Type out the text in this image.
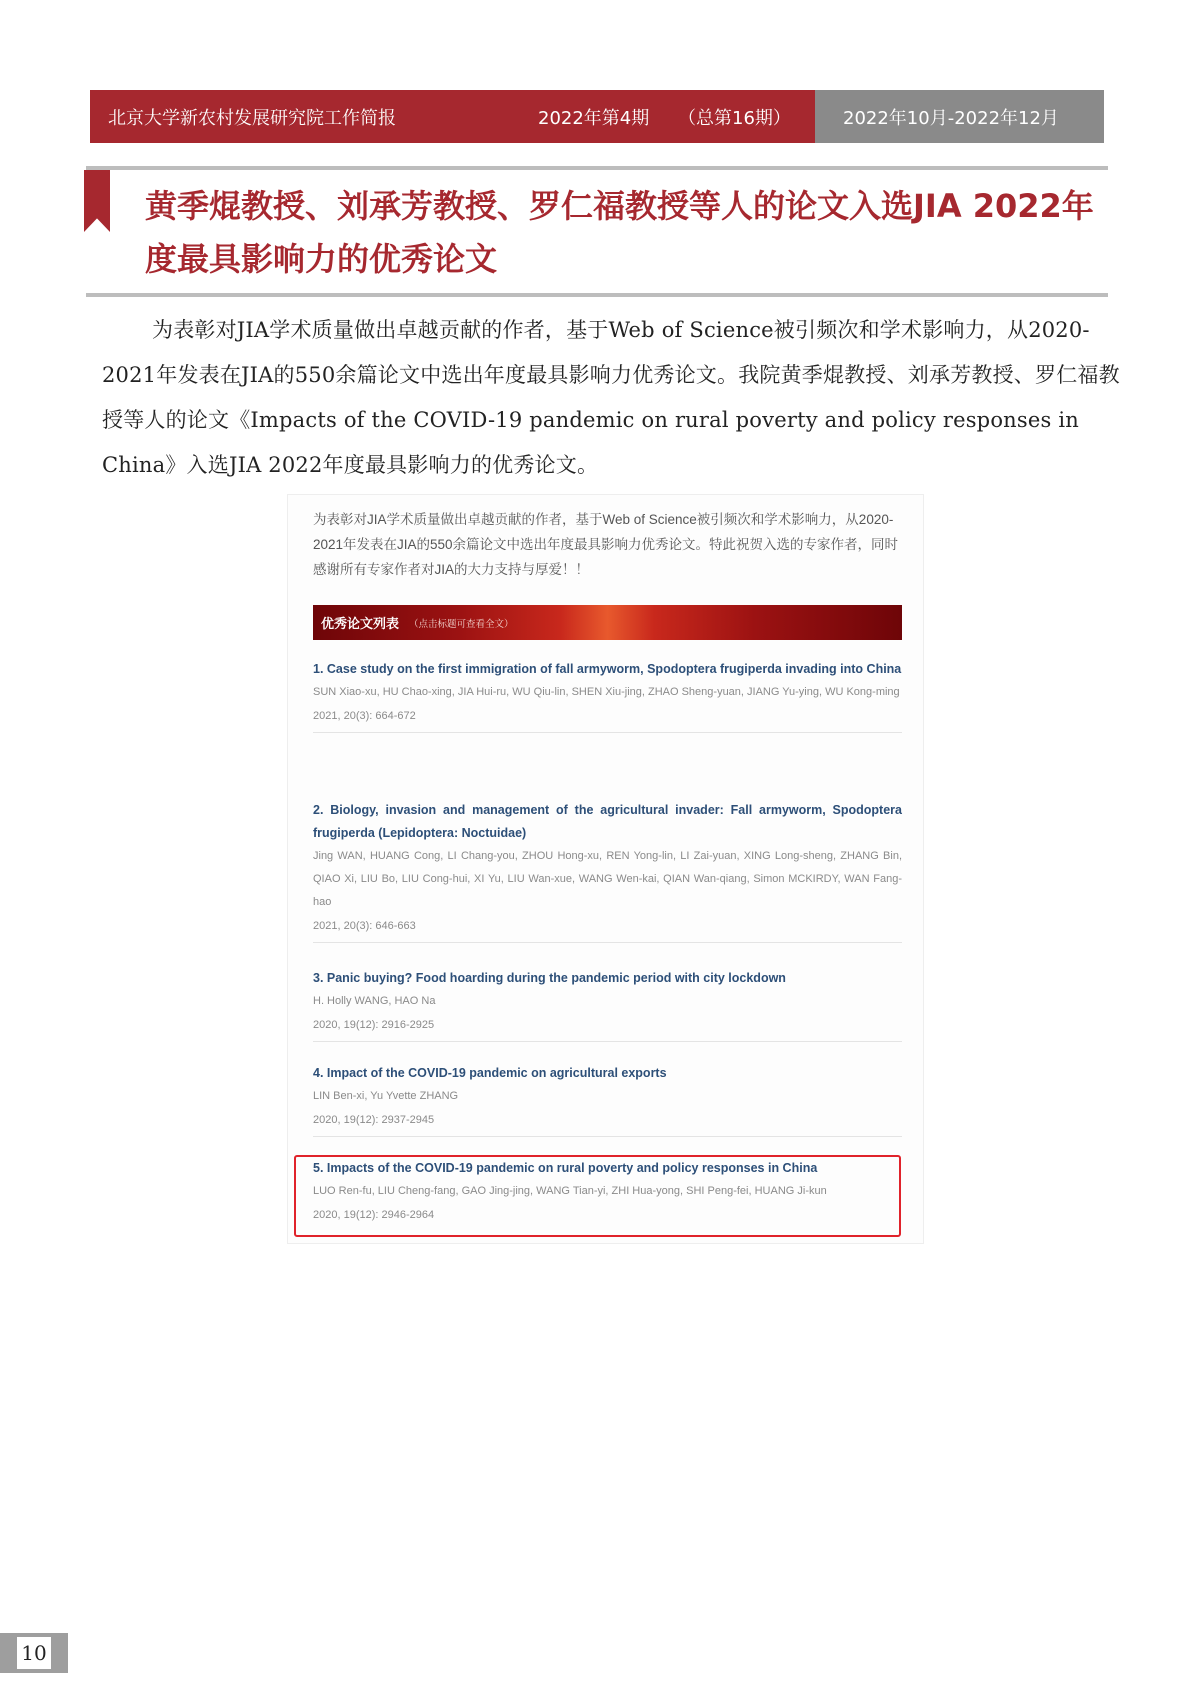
北京大学新农村发展研究院工作简报	2022年第4期	（总第16期）	2022年10月-2022年12月
黄季焜教授、刘承芳教授、罗仁福教授等人的论文入选JIA 2022年度最具影响力的优秀论文

为表彰对JIA学术质量做出卓越贡献的作者，基于Web of Science被引频次和学术影响力，从2020-2021年发表在JIA的550余篇论文中选出年度最具影响力优秀论文。我院黄季焜教授、刘承芳教授、罗仁福教授等人的论文《Impacts of the COVID-19 pandemic on rural poverty and policy responses in China》入选JIA 2022年度最具影响力的优秀论文。

为表彰对JIA学术质量做出卓越贡献的作者，基于Web of Science被引频次和学术影响力，从2020-2021年发表在JIA的550余篇论文中选出年度最具影响力优秀论文。特此祝贺入选的专家作者，同时感谢所有专家作者对JIA的大力支持与厚爱！！

优秀论文列表 （点击标题可查看全文）

1. Case study on the first immigration of fall armyworm, Spodoptera frugiperda invading into China

SUN Xiao-xu, HU Chao-xing, JIA Hui-ru, WU Qiu-lin, SHEN Xiu-jing, ZHAO Sheng-yuan, JIANG Yu-ying, WU Kong-ming

2021, 20(3): 664-672

2. Biology, invasion and management of the agricultural invader: Fall armyworm, Spodoptera frugiperda (Lepidoptera: Noctuidae)

Jing WAN, HUANG Cong, LI Chang-you, ZHOU Hong-xu, REN Yong-lin, LI Zai-yuan, XING Long-sheng, ZHANG Bin, QIAO Xi, LIU Bo, LIU Cong-hui, XI Yu, LIU Wan-xue, WANG Wen-kai, QIAN Wan-qiang, Simon MCKIRDY, WAN Fang-hao

2021, 20(3): 646-663

3. Panic buying? Food hoarding during the pandemic period with city lockdown

H. Holly WANG, HAO Na

2020, 19(12): 2916-2925

4. Impact of the COVID-19 pandemic on agricultural exports

LIN Ben-xi, Yu Yvette ZHANG

2020, 19(12): 2937-2945

5. Impacts of the COVID-19 pandemic on rural poverty and policy responses in China

LUO Ren-fu, LIU Cheng-fang, GAO Jing-jing, WANG Tian-yi, ZHI Hua-yong, SHI Peng-fei, HUANG Ji-kun

2020, 19(12): 2946-2964

10
